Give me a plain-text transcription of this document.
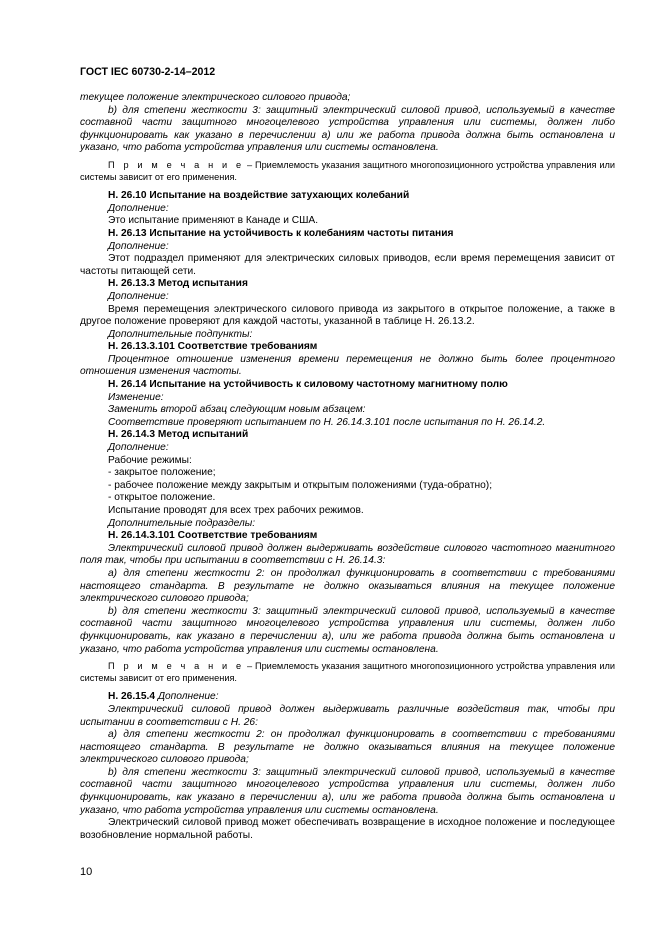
ГОСТ IEC 60730-2-14–2012

текущее положение электрического силового привода;

b) для степени жесткости 3: защитный электрический силовой привод, используемый в качестве составной части защитного многоцелевого устройства управления или системы, должен либо функционировать как указано в перечислении а) или же работа привода должна быть остановлена и указано, что работа устройства управления или системы остановлена.

П р и м е ч а н и е – Приемлемость указания защитного многопозиционного устройства управления или системы зависит от его применения.

Н. 26.10 Испытание на воздействие затухающих колебаний

Дополнение:

Это испытание применяют в Канаде и США.

Н. 26.13 Испытание на устойчивость к колебаниям частоты питания

Дополнение:

Этот подраздел применяют для электрических силовых приводов, если время перемещения зависит от частоты питающей сети.

Н. 26.13.3 Метод испытания

Дополнение:

Время перемещения электрического силового привода из закрытого в открытое положение, а также в другое положение проверяют для каждой частоты, указанной в таблице Н. 26.13.2.

Дополнительные подпункты:

Н. 26.13.3.101 Соответствие требованиям

Процентное отношение изменения времени перемещения не должно быть более процентного отношения изменения частоты.

Н. 26.14 Испытание на устойчивость к силовому частотному магнитному полю

Изменение:

Заменить второй абзац следующим новым абзацем:

Соответствие проверяют испытанием по Н. 26.14.3.101 после испытания по Н. 26.14.2.

Н. 26.14.3 Метод испытаний

Дополнение:

Рабочие режимы:

- закрытое положение;

- рабочее положение между закрытым и открытым положениями (туда-обратно);

- открытое положение.

Испытание проводят для всех трех рабочих режимов.

Дополнительные подразделы:

Н. 26.14.3.101 Соответствие требованиям

Электрический силовой привод должен выдерживать воздействие силового частотного магнитного поля так, чтобы при испытании в соответствии с Н. 26.14.3:

а) для степени жесткости 2: он продолжал функционировать в соответствии с требованиями настоящего стандарта. В результате не должно оказываться влияния на текущее положение электрического силового привода;

b) для степени жесткости 3: защитный электрический силовой привод, используемый в качестве составной части защитного многоцелевого устройства управления или системы, должен либо функционировать, как указано в перечислении а), или же работа привода должна быть остановлена и указано, что работа устройства управления или системы остановлена.

П р и м е ч а н и е – Приемлемость указания защитного многопозиционного устройства управления или системы зависит от его применения.

Н. 26.15.4 Дополнение:

Электрический силовой привод должен выдерживать различные воздействия так, чтобы при испытании в соответствии с Н. 26:

а) для степени жесткости 2: он продолжал функционировать в соответствии с требованиями настоящего стандарта. В результате не должно оказываться влияния на текущее положение электрического силового привода;

b) для степени жесткости 3: защитный электрический силовой привод, используемый в качестве составной части защитного многоцелевого устройства управления или системы, должен либо функционировать, как указано в перечислении а), или же работа привода должна быть остановлена и указано, что работа устройства управления или системы остановлена.

Электрический силовой привод может обеспечивать возвращение в исходное положение и последующее возобновление нормальной работы.

10
